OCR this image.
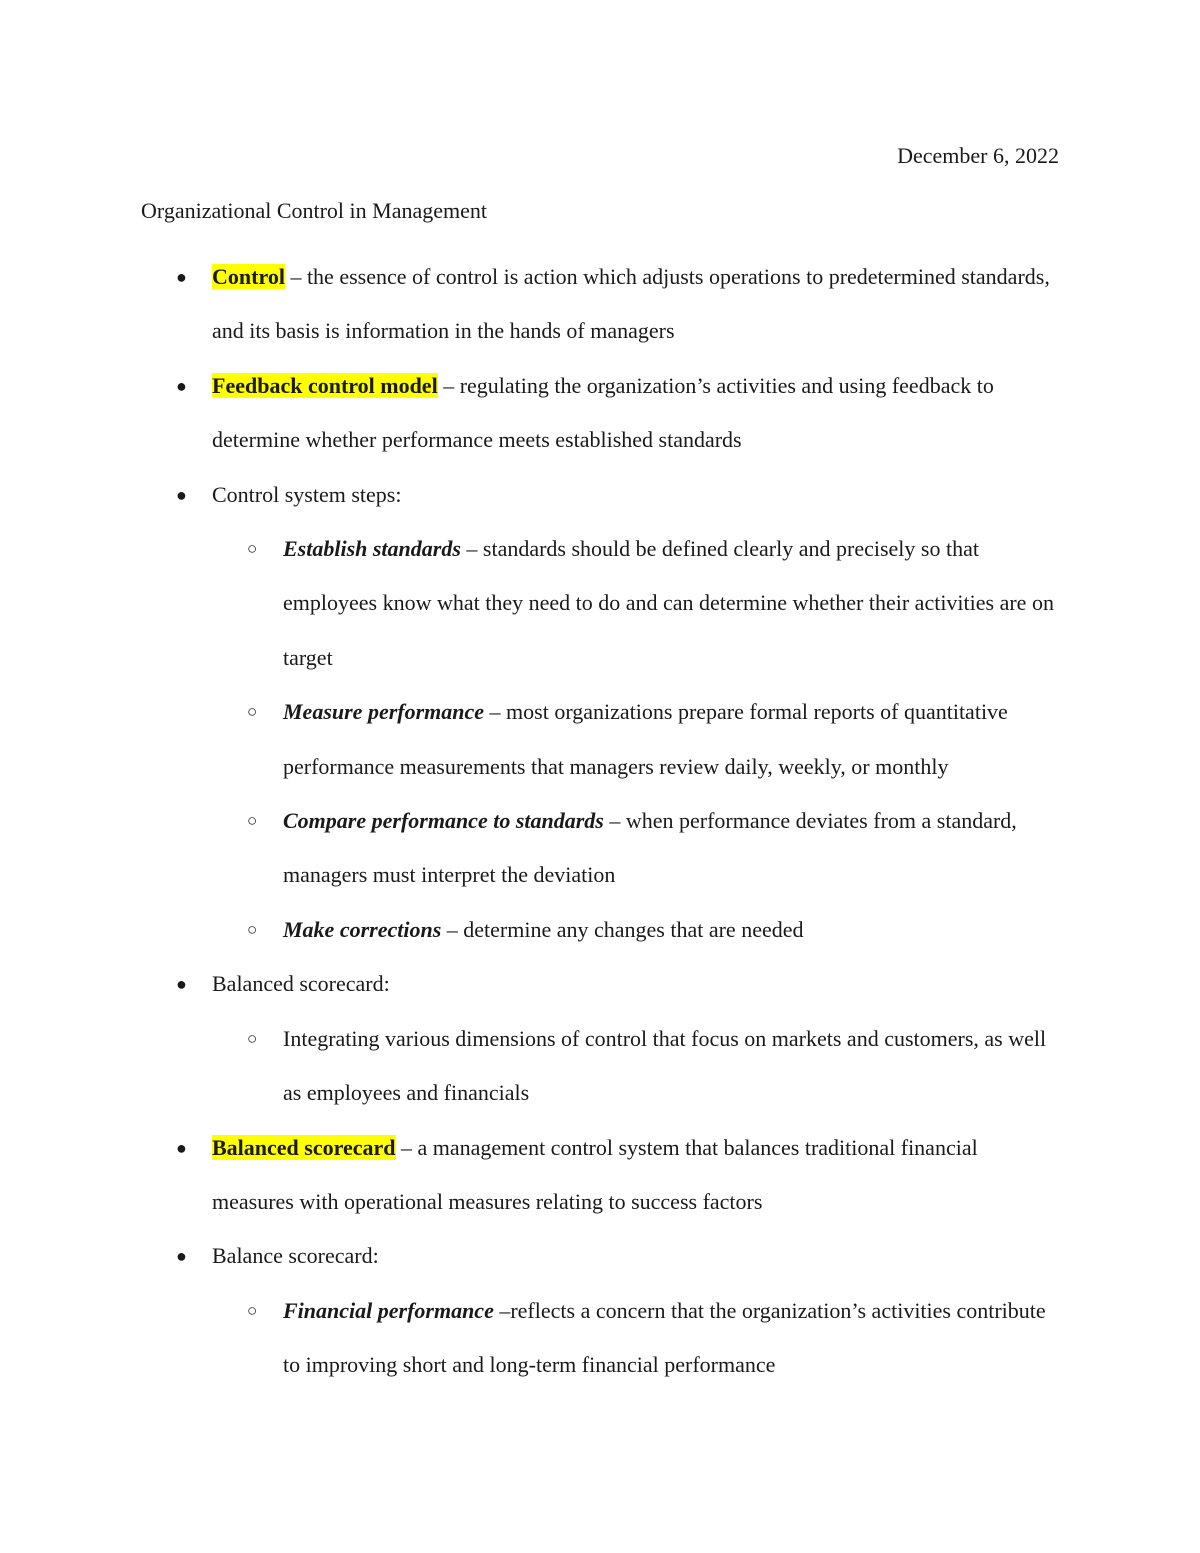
December 6, 2022
Organizational Control in Management
● Control – the essence of control is action which adjusts operations to predetermined standards, and its basis is information in the hands of managers
● Feedback control model – regulating the organization’s activities and using feedback to determine whether performance meets established standards
● Control system steps:
○ Establish standards – standards should be defined clearly and precisely so that employees know what they need to do and can determine whether their activities are on target
○ Measure performance – most organizations prepare formal reports of quantitative performance measurements that managers review daily, weekly, or monthly
○ Compare performance to standards – when performance deviates from a standard, managers must interpret the deviation
○ Make corrections – determine any changes that are needed
● Balanced scorecard:
○ Integrating various dimensions of control that focus on markets and customers, as well as employees and financials
● Balanced scorecard – a management control system that balances traditional financial measures with operational measures relating to success factors
● Balance scorecard:
○ Financial performance –reflects a concern that the organization’s activities contribute to improving short and long-term financial performance
